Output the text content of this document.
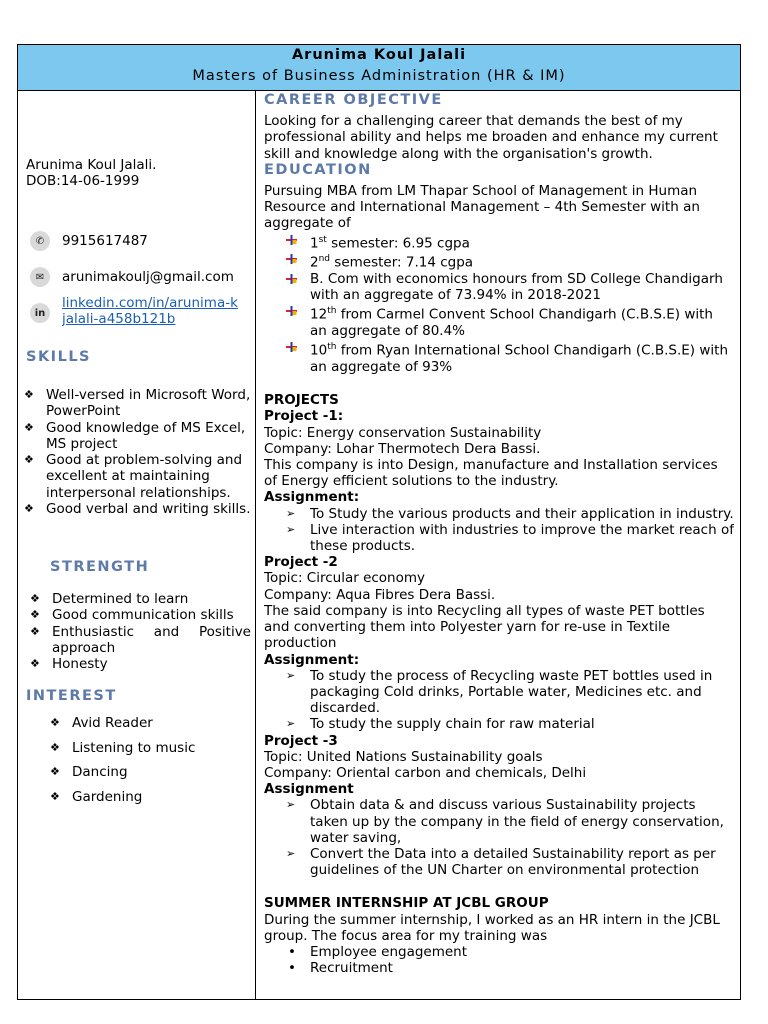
Arunima Koul Jalali
Masters of Business Administration (HR & IM)
Arunima Koul Jalali.
DOB:14-06-1999
✆	9915617487
✉	arunimakoulj@gmail.com
in
linkedin.com/in/arunima-k
jalali-a458b121b
SKILLS
❖ Well-versed in Microsoft Word, PowerPoint
❖ Good knowledge of MS Excel, MS project
❖ Good at problem-solving and excellent at maintaining interpersonal relationships.
❖ Good verbal and writing skills.
STRENGTH
❖ Determined to learn
❖ Good communication skills
❖ Enthusiastic and Positive approach
❖ Honesty
INTEREST
❖ Avid Reader
❖ Listening to music
❖ Dancing
❖ Gardening
CAREER OBJECTIVE

Looking for a challenging career that demands the best of my professional ability and helps me broaden and enhance my current skill and knowledge along with the organisation's growth.

EDUCATION

Pursuing MBA from LM Thapar School of Management in Human Resource and International Management – 4th Semester with an aggregate of

1st semester: 6.95 cgpa
2nd semester: 7.14 cgpa
B. Com with economics honours from SD College Chandigarh with an aggregate of 73.94% in 2018-2021
12th from Carmel Convent School Chandigarh (C.B.S.E) with an aggregate of 80.4%
10th from Ryan International School Chandigarh (C.B.S.E) with an aggregate of 93%
PROJECTS
Project -1:

Topic: Energy conservation Sustainability

Company: Lohar Thermotech Dera Bassi.

This company is into Design, manufacture and Installation services of Energy efficient solutions to the industry.

Assignment:
➢ To Study the various products and their application in industry.
➢ Live interaction with industries to improve the market reach of these products.
Project -2

Topic: Circular economy

Company: Aqua Fibres Dera Bassi.

The said company is into Recycling all types of waste PET bottles and converting them into Polyester yarn for re-use in Textile production

Assignment:
➢ To study the process of Recycling waste PET bottles used in packaging Cold drinks, Portable water, Medicines etc. and discarded.
➢ To study the supply chain for raw material
Project -3

Topic: United Nations Sustainability goals

Company: Oriental carbon and chemicals, Delhi

Assignment
➢ Obtain data & and discuss various Sustainability projects taken up by the company in the field of energy conservation, water saving,
➢ Convert the Data into a detailed Sustainability report as per guidelines of the UN Charter on environmental protection
SUMMER INTERNSHIP AT JCBL GROUP

During the summer internship, I worked as an HR intern in the JCBL group. The focus area for my training was

• Employee engagement
• Recruitment
